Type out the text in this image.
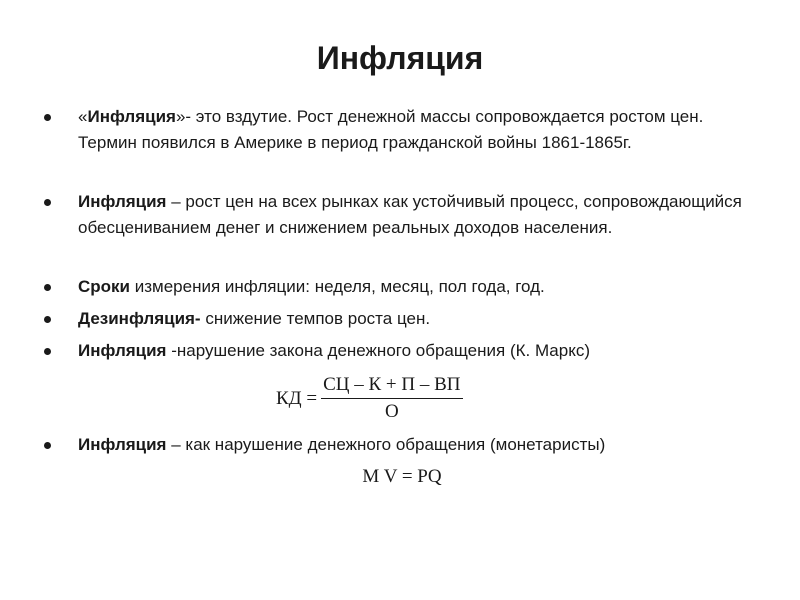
Инфляция

«Инфляция»- это вздутие. Рост денежной массы сопровождается ростом цен. Термин появился в Америке в период гражданской войны 1861-1865г.

Инфляция – рост цен на всех рынках как устойчивый процесс, сопровождающийся обесцениванием денег и снижением реальных доходов населения.

Сроки измерения инфляции: неделя, месяц, пол года, год.

Дезинфляция- снижение темпов роста цен.

Инфляция -нарушение закона денежного обращения (К. Маркс)

КД = $\frac{СЦ - К + П - ВП}{О}$

Инфляция – как нарушение денежного обращения (монетаристы)

M V = PQ
